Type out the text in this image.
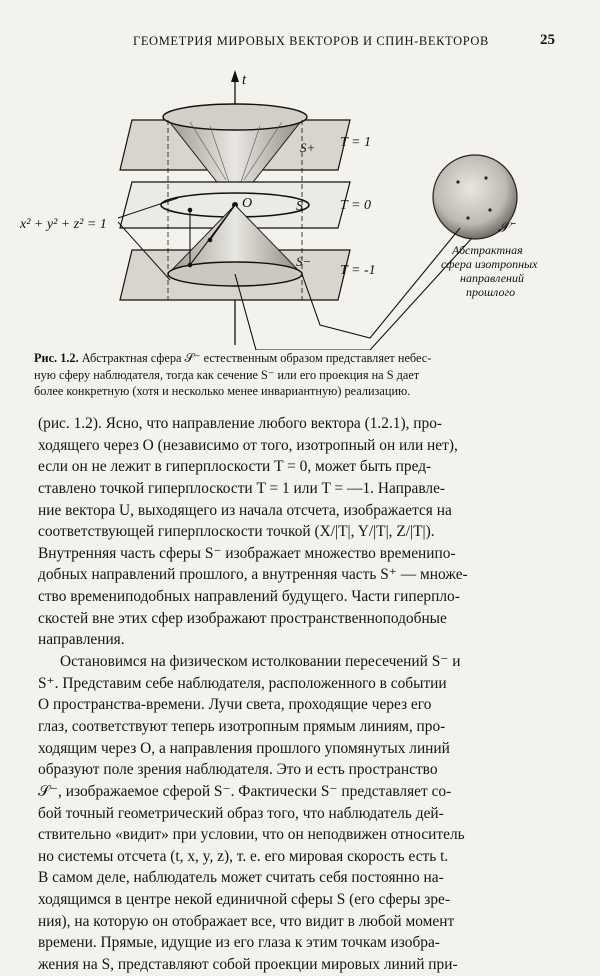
ГЕОМЕТРИЯ МИРОВЫХ ВЕКТОРОВ И СПИН-ВЕКТОРОВ	25
t
S+ T = 1
O	S	T = 0
S−
T = -1
x² + y² + z² = 1	𝒮⁻
Абстрактная
сфера изотропных
направлений
прошлого
Рис. 1.2. Абстрактная сфера 𝒮⁻ естественным образом представляет небес-
ную сферу наблюдателя, тогда как сечение S⁻ или его проекция на S дает
более конкретную (хотя и несколько менее инвариантную) реализацию.
(рис. 1.2). Ясно, что направление любого вектора (1.2.1), про-
ходящего через O (независимо от того, изотропный он или нет),
если он не лежит в гиперплоскости T = 0, может быть пред-
ставлено точкой гиперплоскости T = 1 или T = —1. Направле-
ние вектора U, выходящего из начала отсчета, изображается на
соответствующей гиперплоскости точкой (X/|T|, Y/|T|, Z/|T|).
Внутренняя часть сферы S⁻ изображает множество временипо-
добных направлений прошлого, а внутренняя часть S⁺ — множе-
ство времениподобных направлений будущего. Части гиперпло-
скостей вне этих сфер изображают пространственноподобные
направления.
Остановимся на физическом истолковании пересечений S⁻ и
S⁺. Представим себе наблюдателя, расположенного в событии
O пространства-времени. Лучи света, проходящие через его
глаз, соответствуют теперь изотропным прямым линиям, про-
ходящим через O, а направления прошлого упомянутых линий
образуют поле зрения наблюдателя. Это и есть пространство
𝒮⁻, изображаемое сферой S⁻. Фактически S⁻ представляет со-
бой точный геометрический образ того, что наблюдатель дей-
ствительно «видит» при условии, что он неподвижен относитель
но системы отсчета (t, x, y, z), т. е. его мировая скорость есть t.
В самом деле, наблюдатель может считать себя постоянно на-
ходящимся в центре некой единичной сферы S (его сферы зре-
ния), на которую он отображает все, что видит в любой момент
времени. Прямые, идущие из его глаза к этим точкам изобра-
жения на S, представляют собой проекции мировых линий при-
